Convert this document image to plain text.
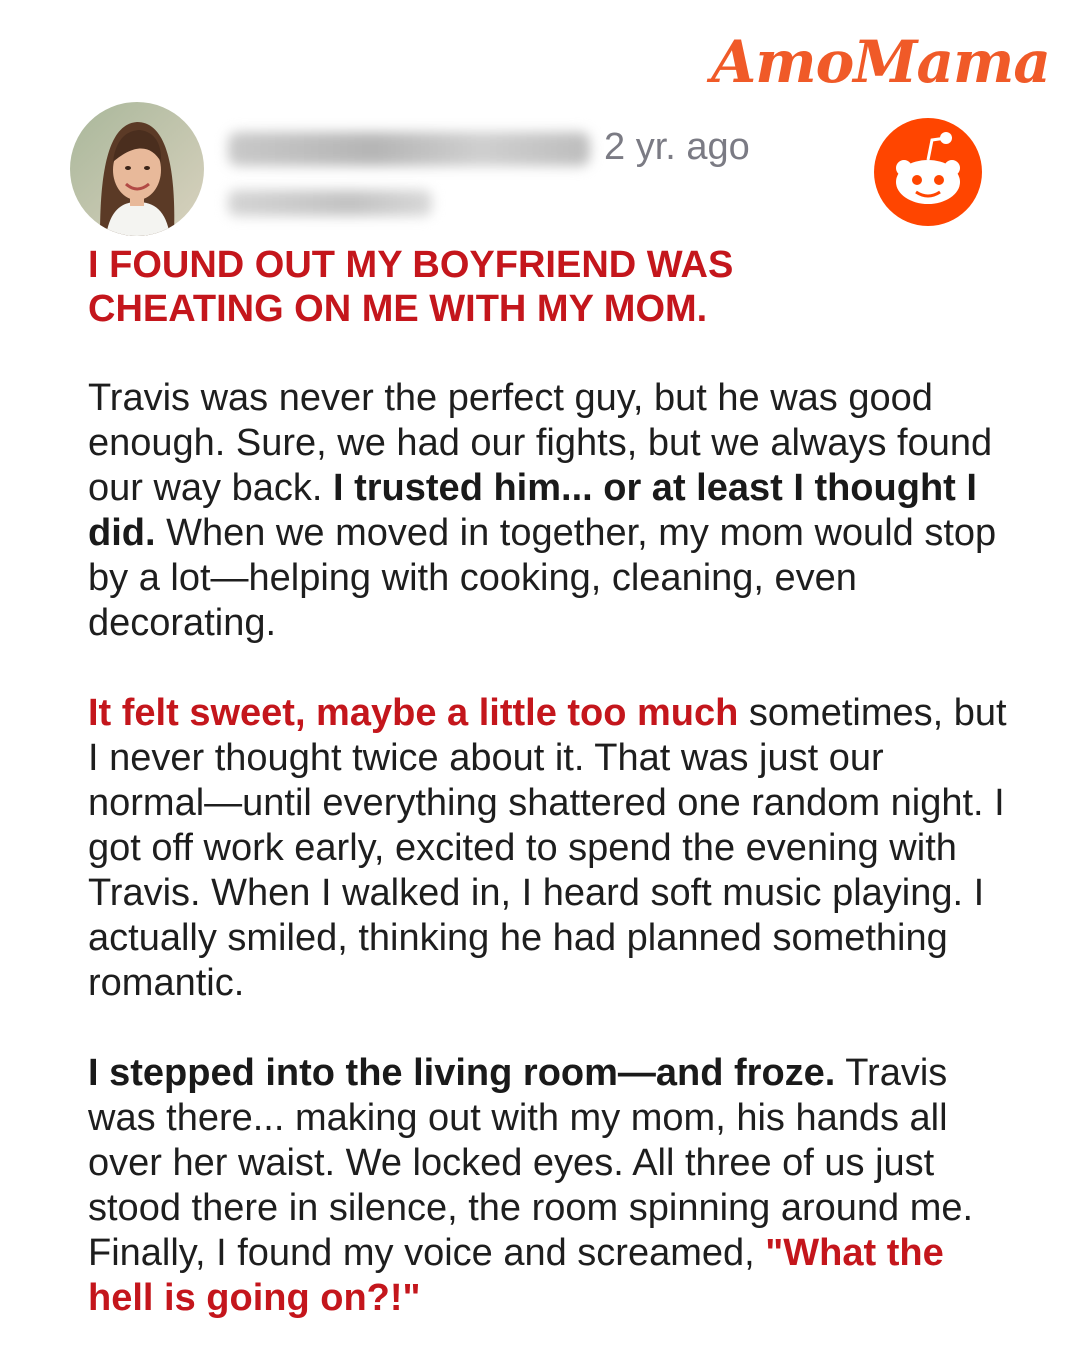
AmoMama
2 yr. ago
I FOUND OUT MY BOYFRIEND WAS
CHEATING ON ME WITH MY MOM.

Travis was never the perfect guy, but he was good enough. Sure, we had our fights, but we always found our way back. I trusted him... or at least I thought I did. When we moved in together, my mom would stop by a lot—helping with cooking, cleaning, even decorating.

It felt sweet, maybe a little too much sometimes, but I never thought twice about it. That was just our normal—until everything shattered one random night. I got off work early, excited to spend the evening with Travis. When I walked in, I heard soft music playing. I actually smiled, thinking he had planned something romantic.

I stepped into the living room—and froze. Travis was there... making out with my mom, his hands all over her waist. We locked eyes. All three of us just stood there in silence, the room spinning around me. Finally, I found my voice and screamed, "What the hell is going on?!"
